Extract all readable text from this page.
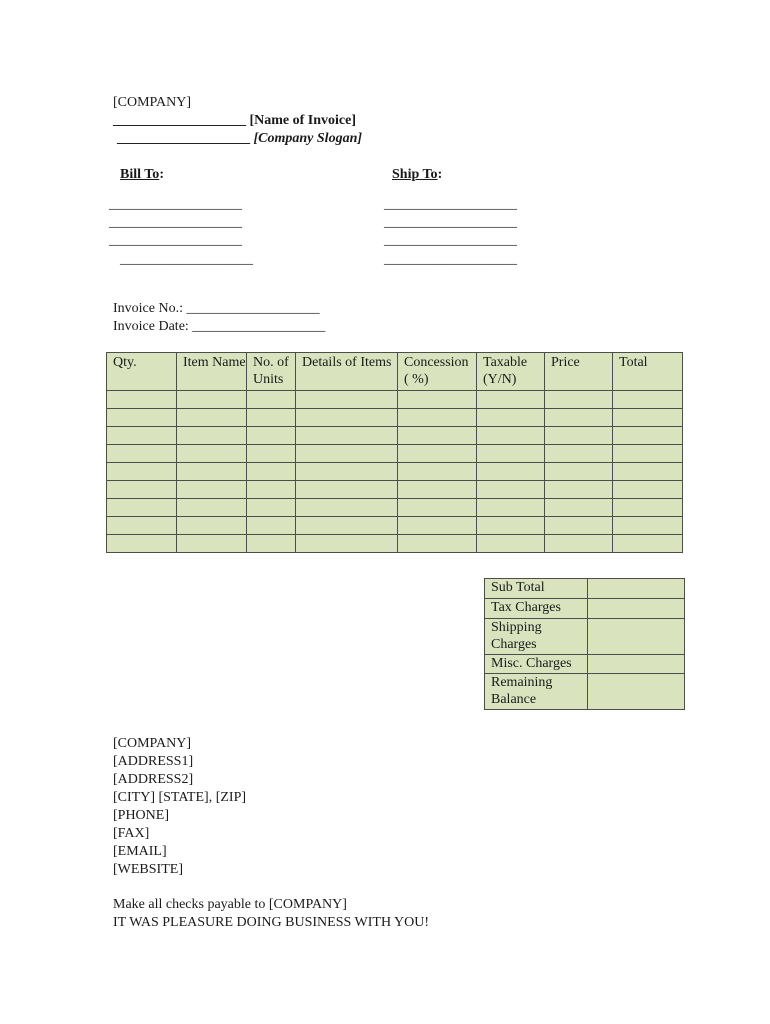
[COMPANY]
___________________ [Name of Invoice]
___________________ [Company Slogan]
Bill To:	Ship To:
___________________
___________________
___________________
___________________
___________________
___________________
___________________
___________________
Invoice No.: ___________________
Invoice Date: ___________________
Qty.	Item Name	No. of Units	Details of Items	Concession ( %)	Taxable (Y/N)	Price	Total

Sub Total	
Tax Charges	
Shipping Charges	
Misc. Charges	
Remaining Balance	
[COMPANY]
[ADDRESS1]
[ADDRESS2]
[CITY] [STATE], [ZIP]
[PHONE]
[FAX]
[EMAIL]
[WEBSITE]
Make all checks payable to [COMPANY]
IT WAS PLEASURE DOING BUSINESS WITH YOU!
